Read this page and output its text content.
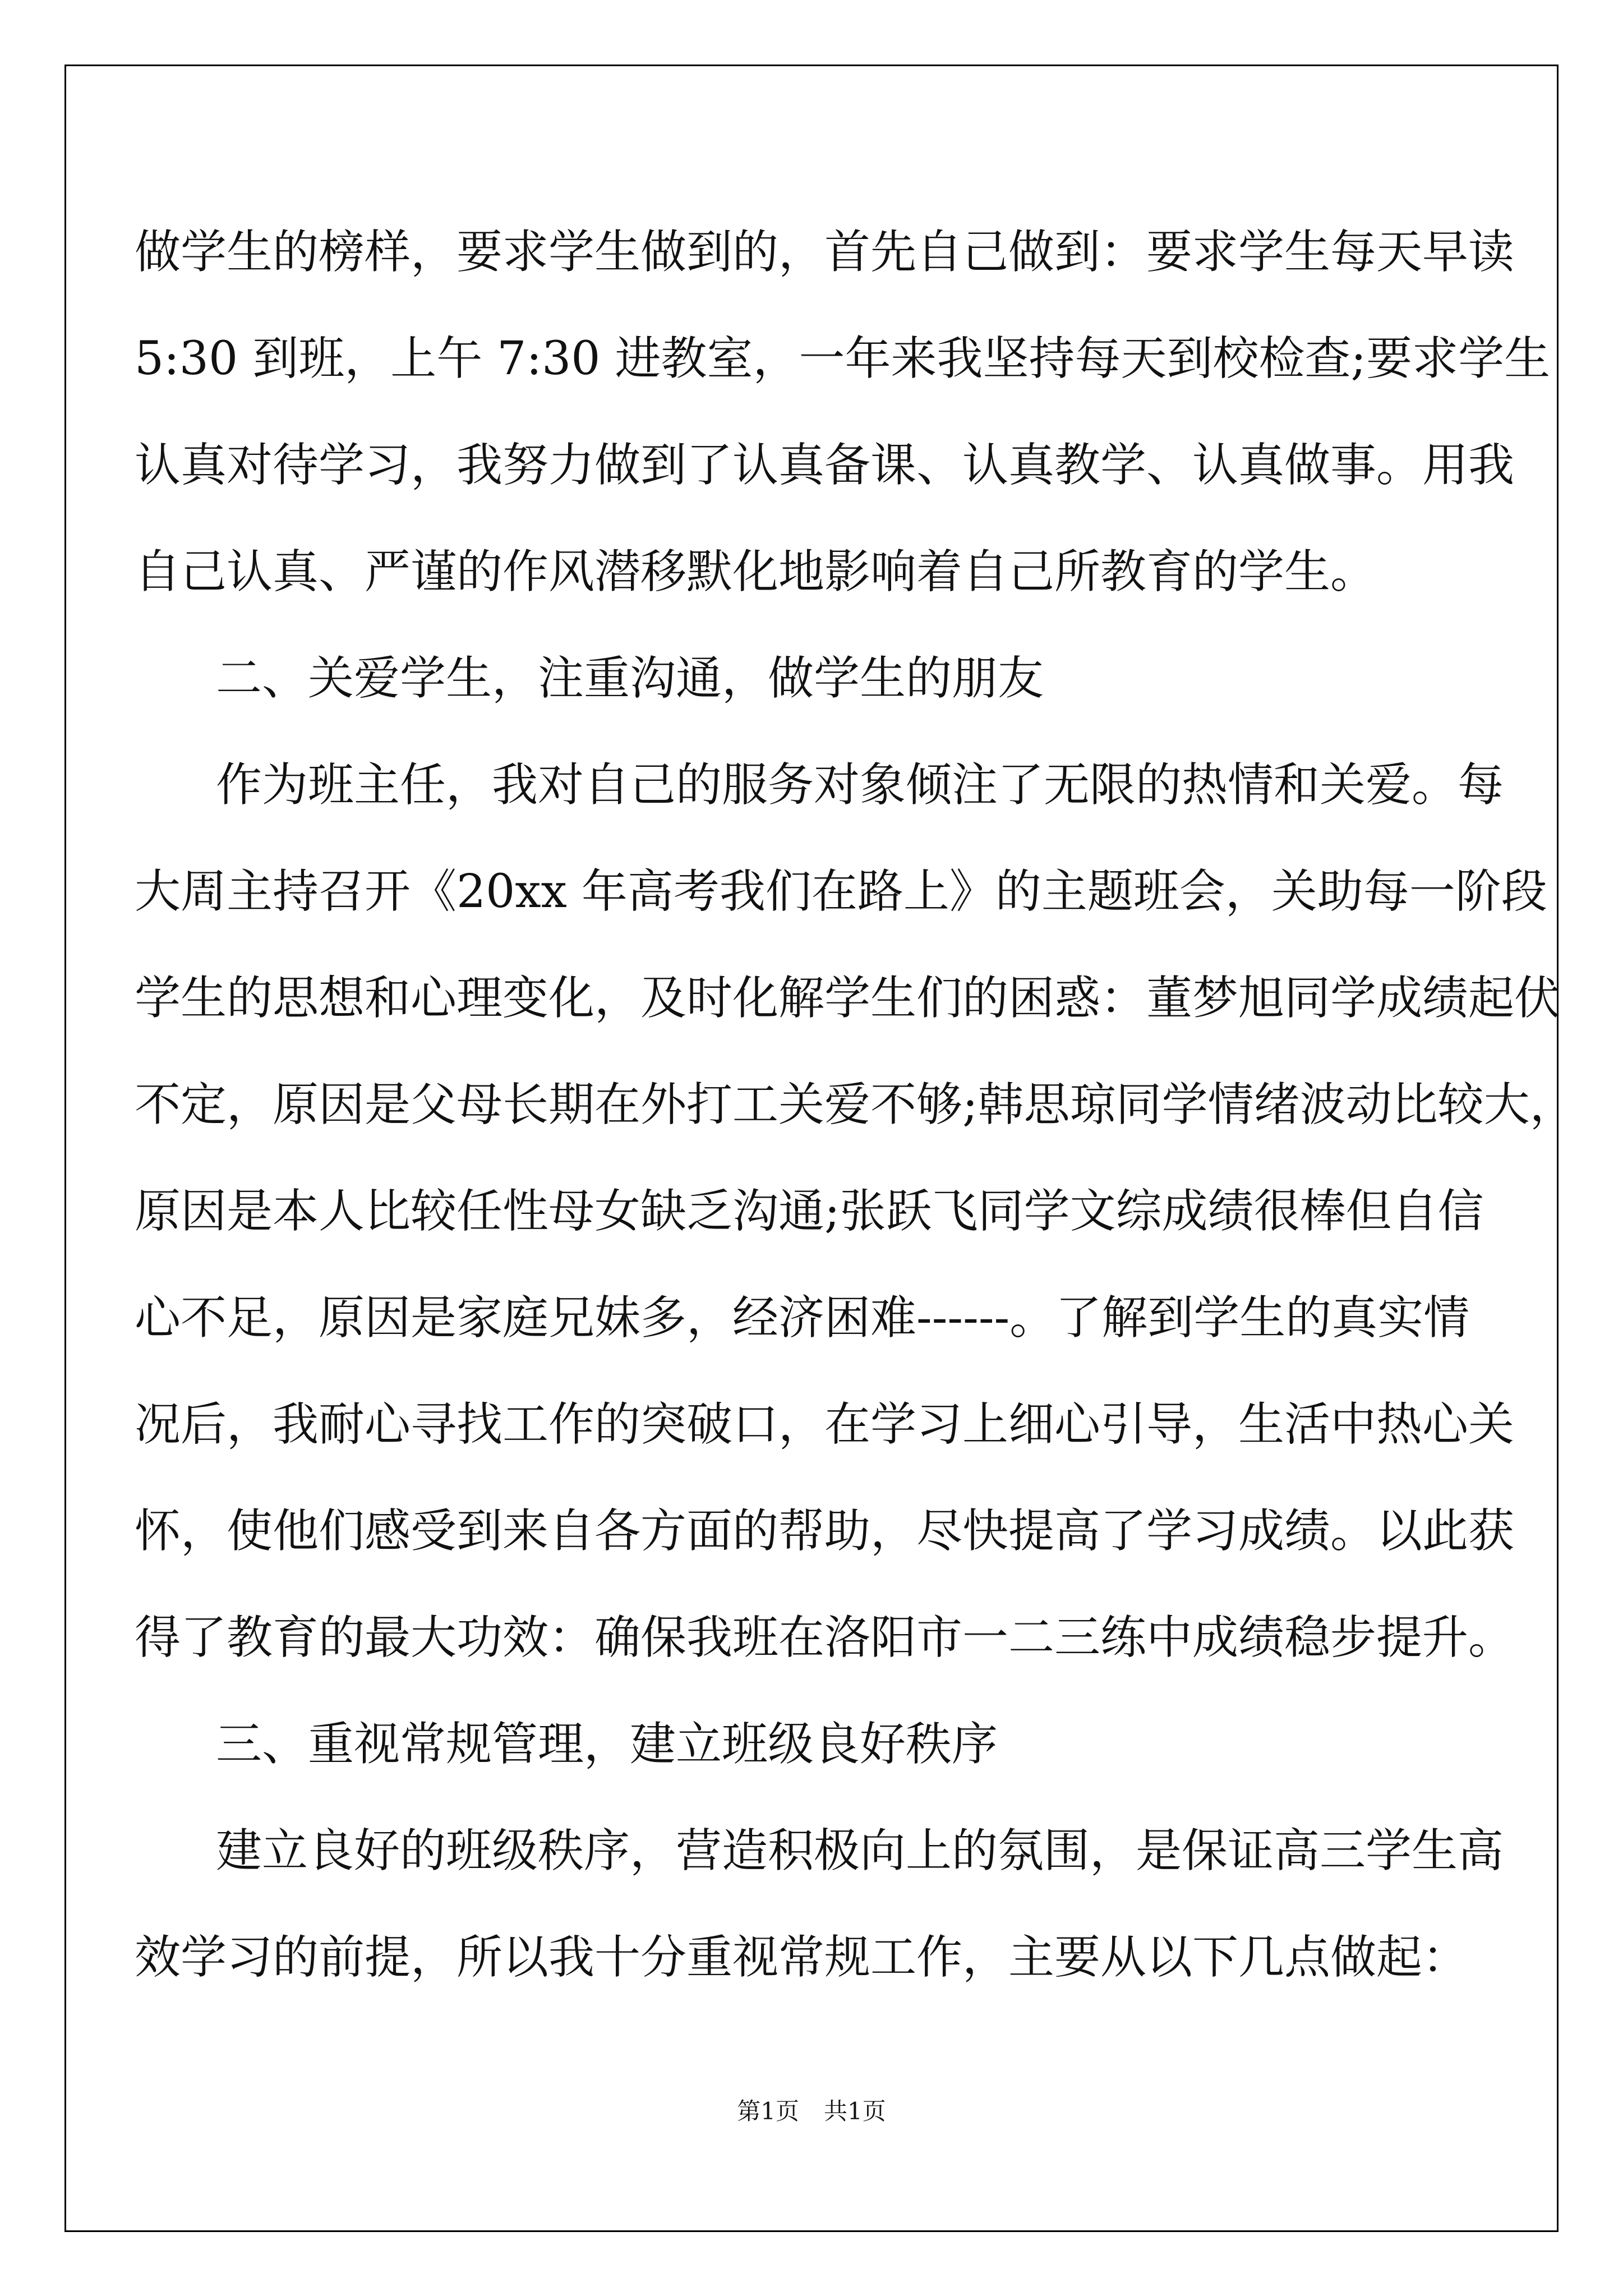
做学生的榜样，要求学生做到的，首先自己做到：要求学生每天早读
5:30 到班，上午 7:30 进教室，一年来我坚持每天到校检查;要求学生
认真对待学习，我努力做到了认真备课、认真教学、认真做事。用我
自己认真、严谨的作风潜移默化地影响着自己所教育的学生。
二、关爱学生，注重沟通，做学生的朋友
作为班主任，我对自己的服务对象倾注了无限的热情和关爱。每
大周主持召开《20xx 年高考我们在路上》的主题班会，关助每一阶段
学生的思想和心理变化，及时化解学生们的困惑：董梦旭同学成绩起伏
不定，原因是父母长期在外打工关爱不够;韩思琼同学情绪波动比较大，
原因是本人比较任性母女缺乏沟通;张跃飞同学文综成绩很棒但自信
心不足，原因是家庭兄妹多，经济困难------。了解到学生的真实情
况后，我耐心寻找工作的突破口，在学习上细心引导，生活中热心关
怀，使他们感受到来自各方面的帮助，尽快提高了学习成绩。以此获
得了教育的最大功效：确保我班在洛阳市一二三练中成绩稳步提升。
三、重视常规管理，建立班级良好秩序
建立良好的班级秩序，营造积极向上的氛围，是保证高三学生高
效学习的前提，所以我十分重视常规工作，主要从以下几点做起：
第1页 共1页
